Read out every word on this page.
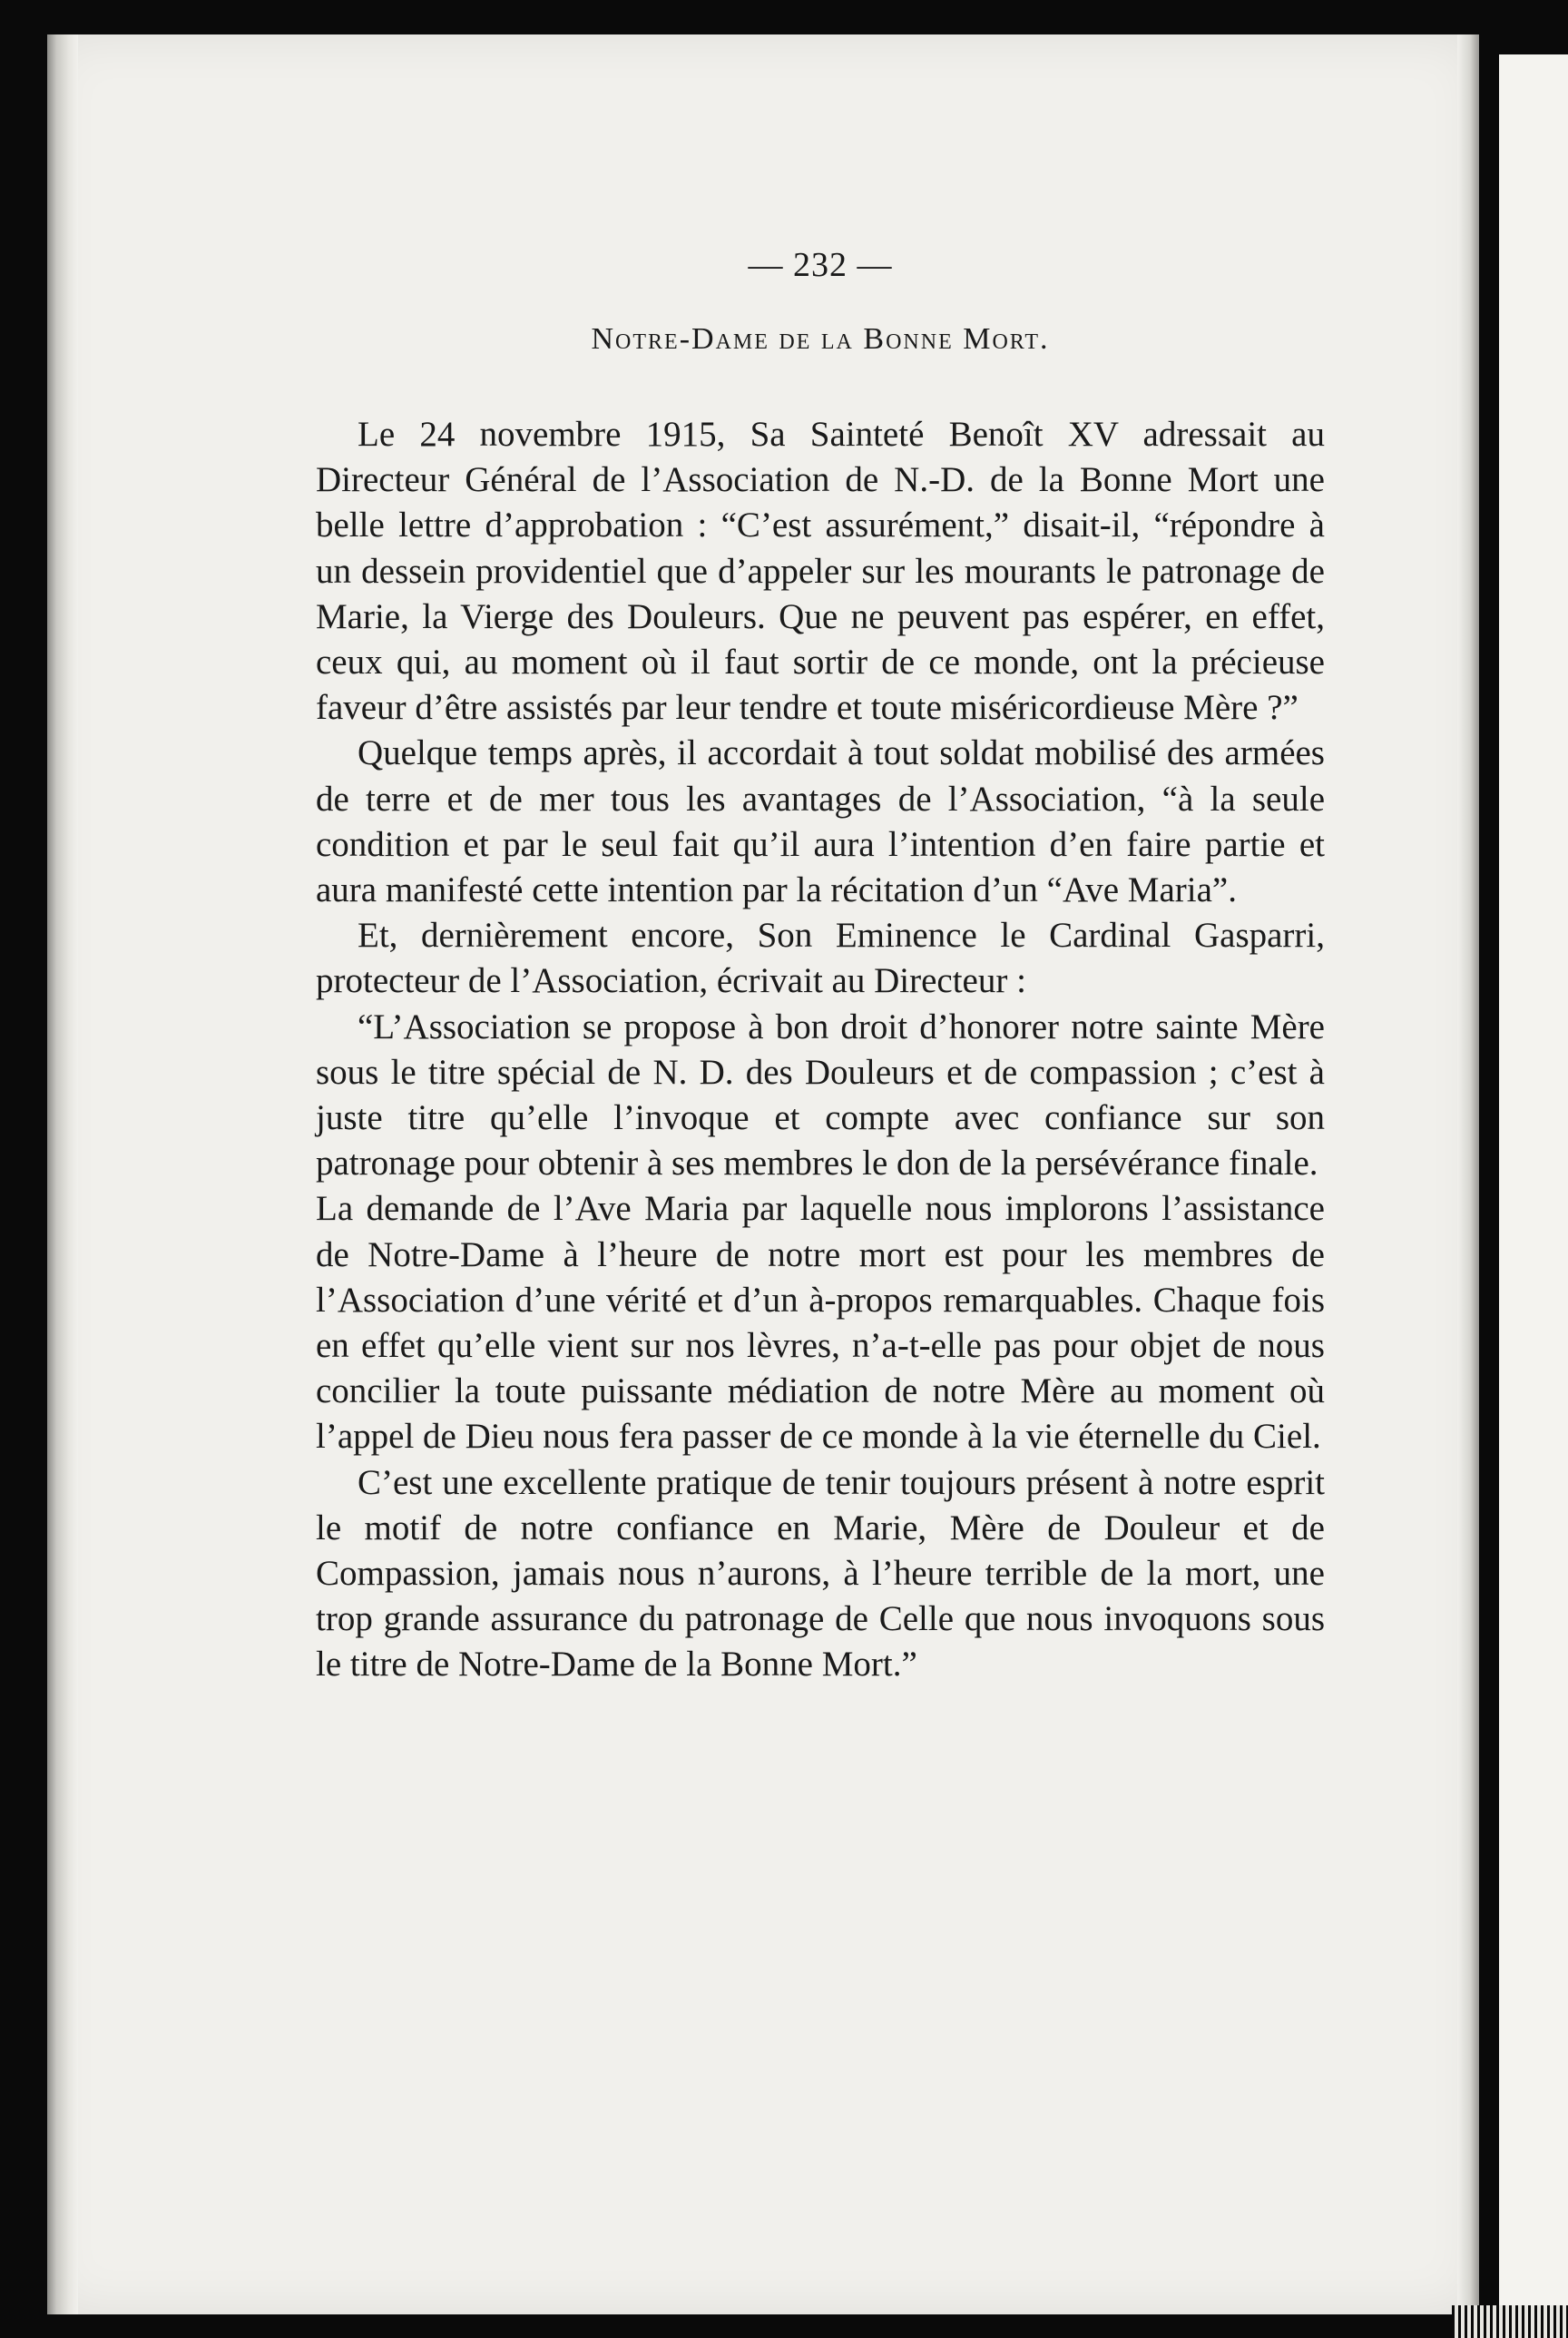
— 232 —
Notre-Dame de la Bonne Mort.

Le 24 novembre 1915, Sa Sainteté Benoît XV adressait au Directeur Général de l’Association de N.-D. de la Bonne Mort une belle lettre d’approbation : “C’est assurément,” disait-il, “répondre à un dessein providentiel que d’appeler sur les mourants le patronage de Marie, la Vierge des Douleurs. Que ne peuvent pas espérer, en effet, ceux qui, au moment où il faut sortir de ce monde, ont la précieuse faveur d’être assistés par leur tendre et toute miséricordieuse Mère ?”

Quelque temps après, il accordait à tout soldat mobilisé des armées de terre et de mer tous les avantages de l’Association, “à la seule condition et par le seul fait qu’il aura l’intention d’en faire partie et aura manifesté cette intention par la récitation d’un “Ave Maria”.

Et, dernièrement encore, Son Eminence le Cardinal Gasparri, protecteur de l’Association, écrivait au Directeur :

“L’Association se propose à bon droit d’honorer notre sainte Mère sous le titre spécial de N. D. des Douleurs et de compassion ; c’est à juste titre qu’elle l’invoque et compte avec confiance sur son patronage pour obtenir à ses membres le don de la persévérance finale.

La demande de l’Ave Maria par laquelle nous implorons l’assistance de Notre-Dame à l’heure de notre mort est pour les membres de l’Association d’une vérité et d’un à-propos remarquables. Chaque fois en effet qu’elle vient sur nos lèvres, n’a-t-elle pas pour objet de nous concilier la toute puissante médiation de notre Mère au moment où l’appel de Dieu nous fera passer de ce monde à la vie éternelle du Ciel.

C’est une excellente pratique de tenir toujours présent à notre esprit le motif de notre confiance en Marie, Mère de Douleur et de Compassion, jamais nous n’aurons, à l’heure terrible de la mort, une trop grande assurance du patronage de Celle que nous invoquons sous le titre de Notre-Dame de la Bonne Mort.”
